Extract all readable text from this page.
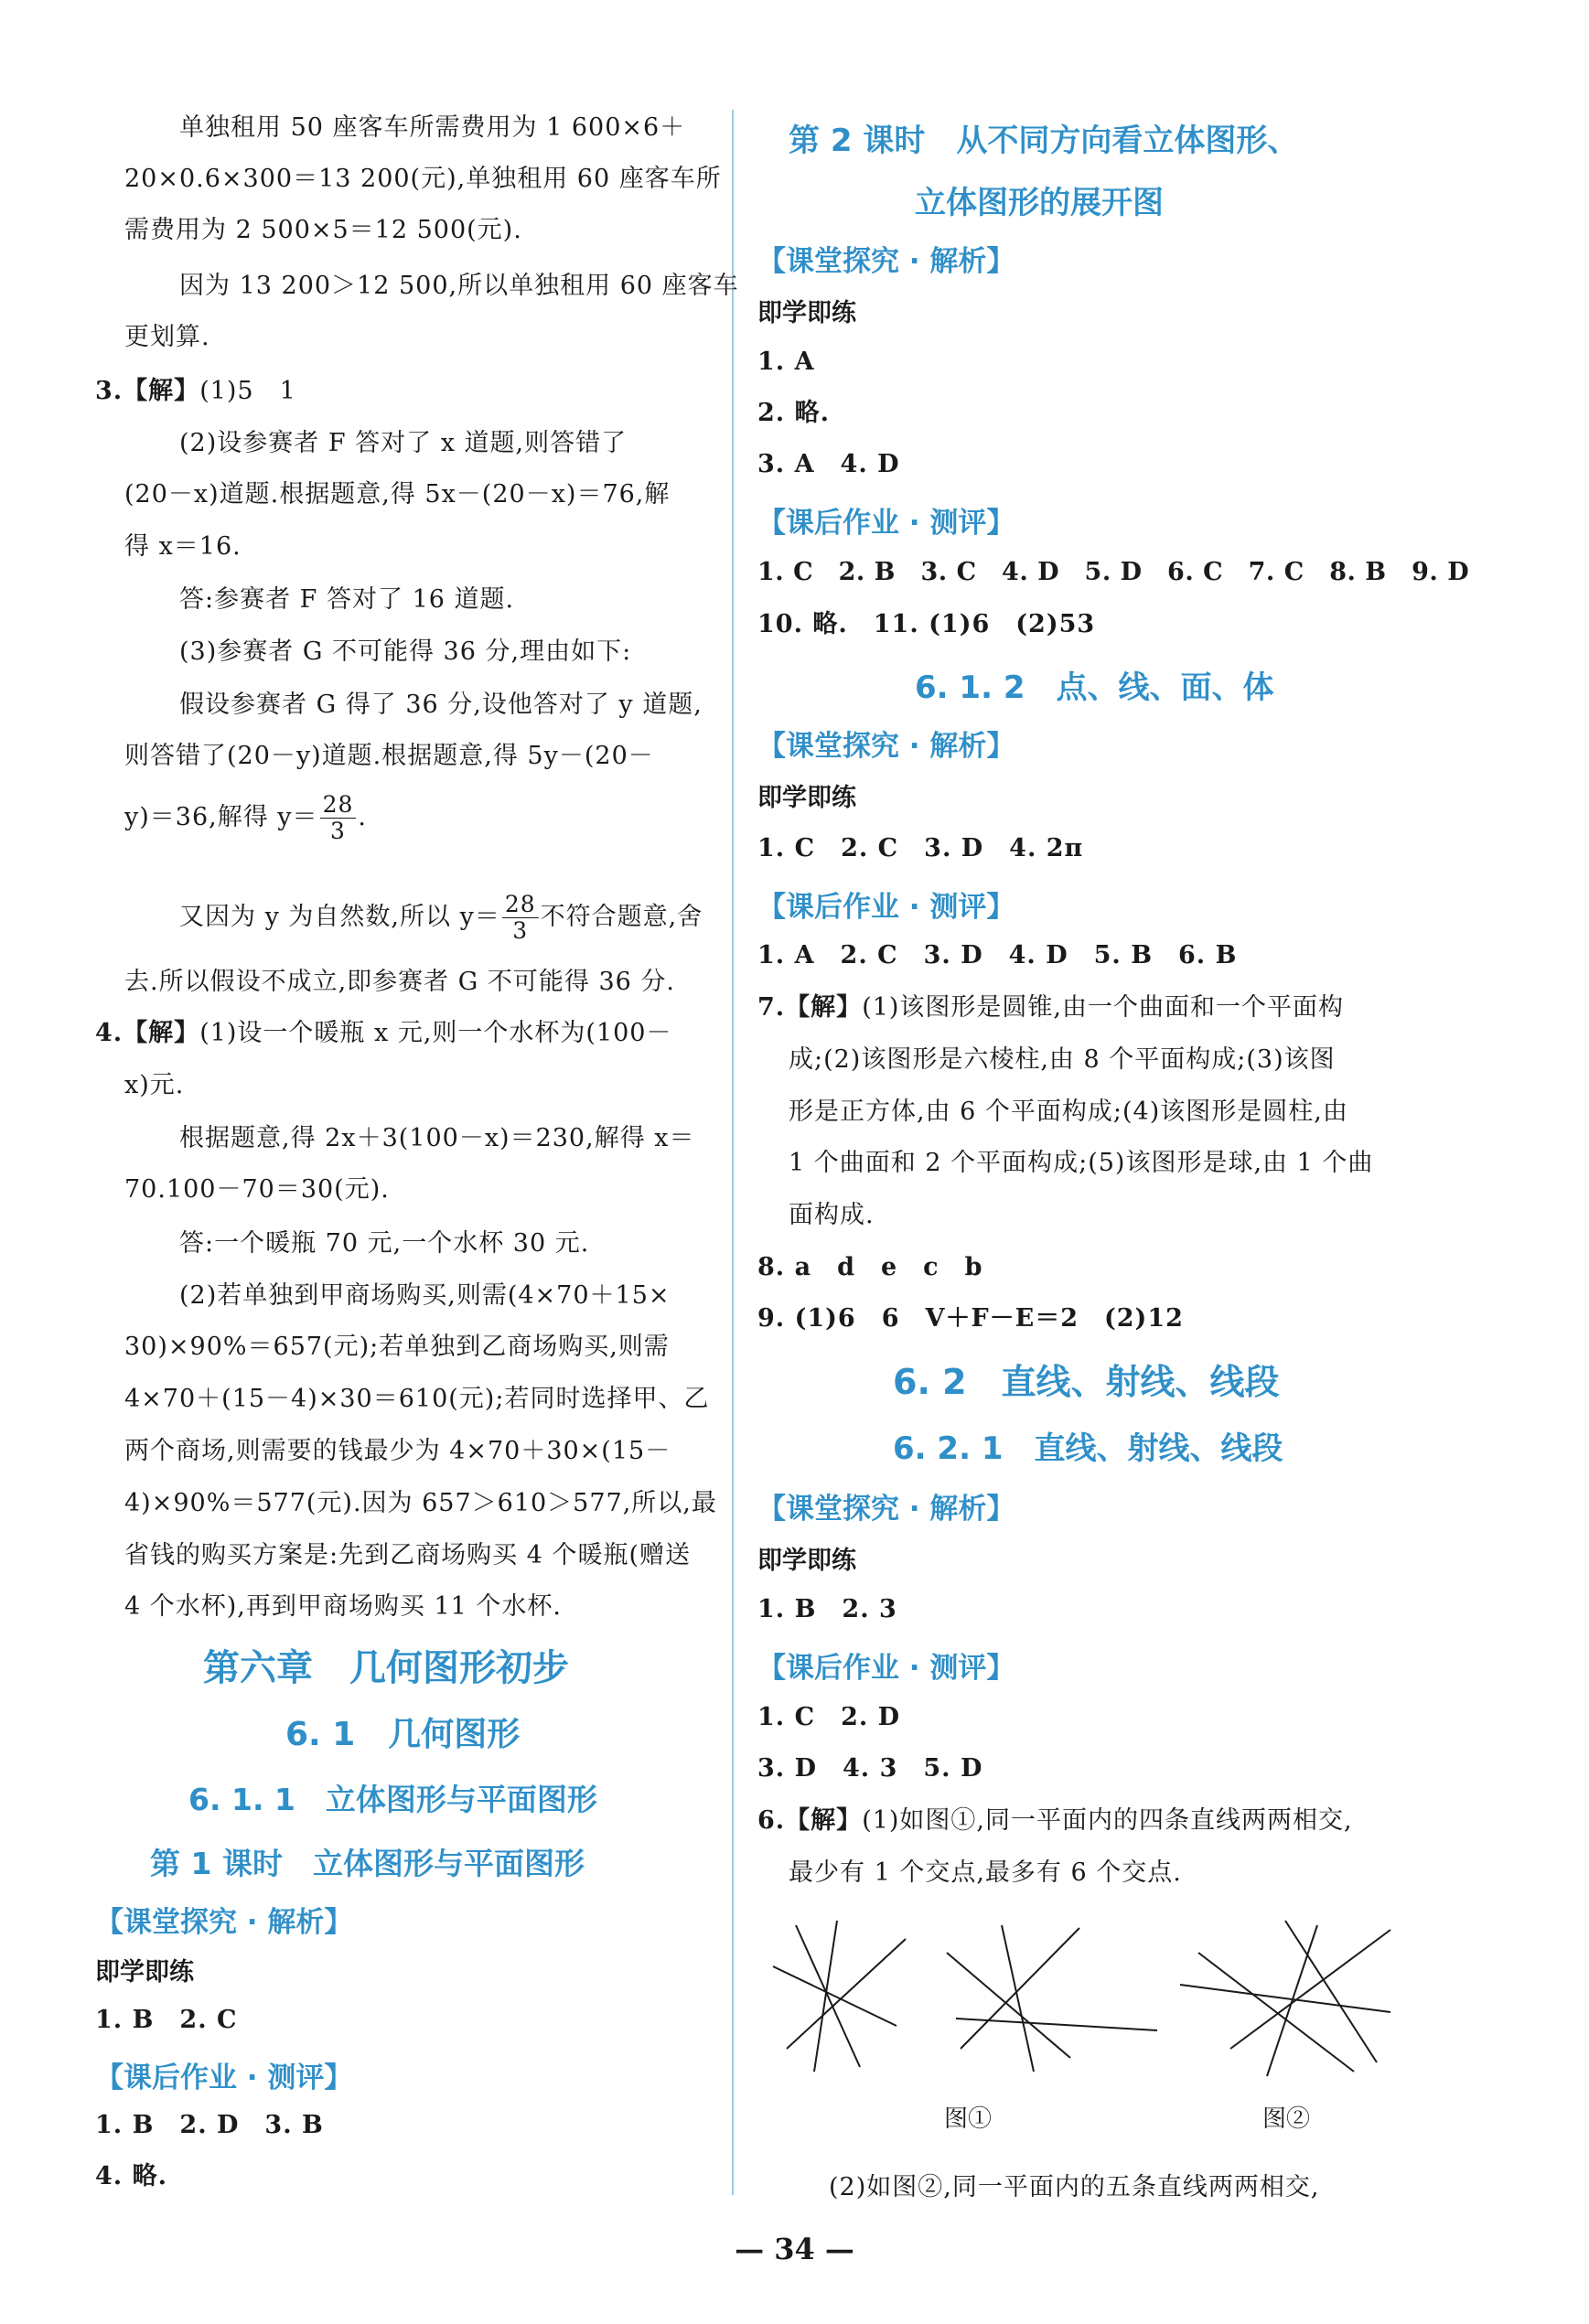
单独租用 50 座客车所需费用为 1 600×6＋
20×0.6×300＝13 200(元),单独租用 60 座客车所
需费用为 2 500×5＝12 500(元).
因为 13 200＞12 500,所以单独租用 60 座客车
更划算.
3.【解】(1)5　1
(2)设参赛者 F 答对了 x 道题,则答错了
(20－x)道题.根据题意,得 5x－(20－x)＝76,解
得 x＝16.
答:参赛者 F 答对了 16 道题.
(3)参赛者 G 不可能得 36 分,理由如下:
假设参赛者 G 得了 36 分,设他答对了 y 道题,
则答错了(20－y)道题.根据题意,得 5y－(20－
y)＝36,解得 $y= \frac{28}{3}$ .
又因为 y 为自然数,所以 $y= \frac{28}{3}$ 不符合题意,舍
去.所以假设不成立,即参赛者 G 不可能得 36 分.
4.【解】(1)设一个暖瓶 x 元,则一个水杯为(100－
x)元.
根据题意,得 2x＋3(100－x)＝230,解得 x＝
70.100－70＝30(元).
答:一个暖瓶 70 元,一个水杯 30 元.
(2)若单独到甲商场购买,则需(4×70＋15×
30)×90%＝657(元);若单独到乙商场购买,则需
4×70＋(15－4)×30＝610(元);若同时选择甲、乙
两个商场,则需要的钱最少为 4×70＋30×(15－
4)×90%＝577(元).因为 657＞610＞577,所以,最
省钱的购买方案是:先到乙商场购买 4 个暖瓶(赠送
4 个水杯),再到甲商场购买 11 个水杯.
第六章　几何图形初步
6. 1　几何图形
6. 1. 1　立体图形与平面图形
第 1 课时　立体图形与平面图形
【课堂探究 · 解析】
即学即练
1. B　2. C
【课后作业 · 测评】
1. B　2. D　3. B
4. 略.
第 2 课时　从不同方向看立体图形、
立体图形的展开图
【课堂探究 · 解析】
即学即练
1. A
2. 略.
3. A　4. D
【课后作业 · 测评】
1. C　2. B　3. C　4. D　5. D　6. C　7. C　8. B　9. D
10. 略.　11. (1)6　(2)53
6. 1. 2　点、线、面、体
【课堂探究 · 解析】
即学即练
1. C　2. C　3. D　4. 2π
【课后作业 · 测评】
1. A　2. C　3. D　4. D　5. B　6. B
7.【解】(1)该图形是圆锥,由一个曲面和一个平面构
成;(2)该图形是六棱柱,由 8 个平面构成;(3)该图
形是正方体,由 6 个平面构成;(4)该图形是圆柱,由
1 个曲面和 2 个平面构成;(5)该图形是球,由 1 个曲
面构成.
8. a　d　e　c　b
9. (1)6　6　V＋F－E＝2　(2)12
6. 2　直线、射线、线段
6. 2. 1　直线、射线、线段
【课堂探究 · 解析】
即学即练
1. B　2. 3
【课后作业 · 测评】
1. C　2. D
3. D　4. 3　5. D
6.【解】(1)如图①,同一平面内的四条直线两两相交,
最少有 1 个交点,最多有 6 个交点.
图①	图②
(2)如图②,同一平面内的五条直线两两相交,
— 34 —
